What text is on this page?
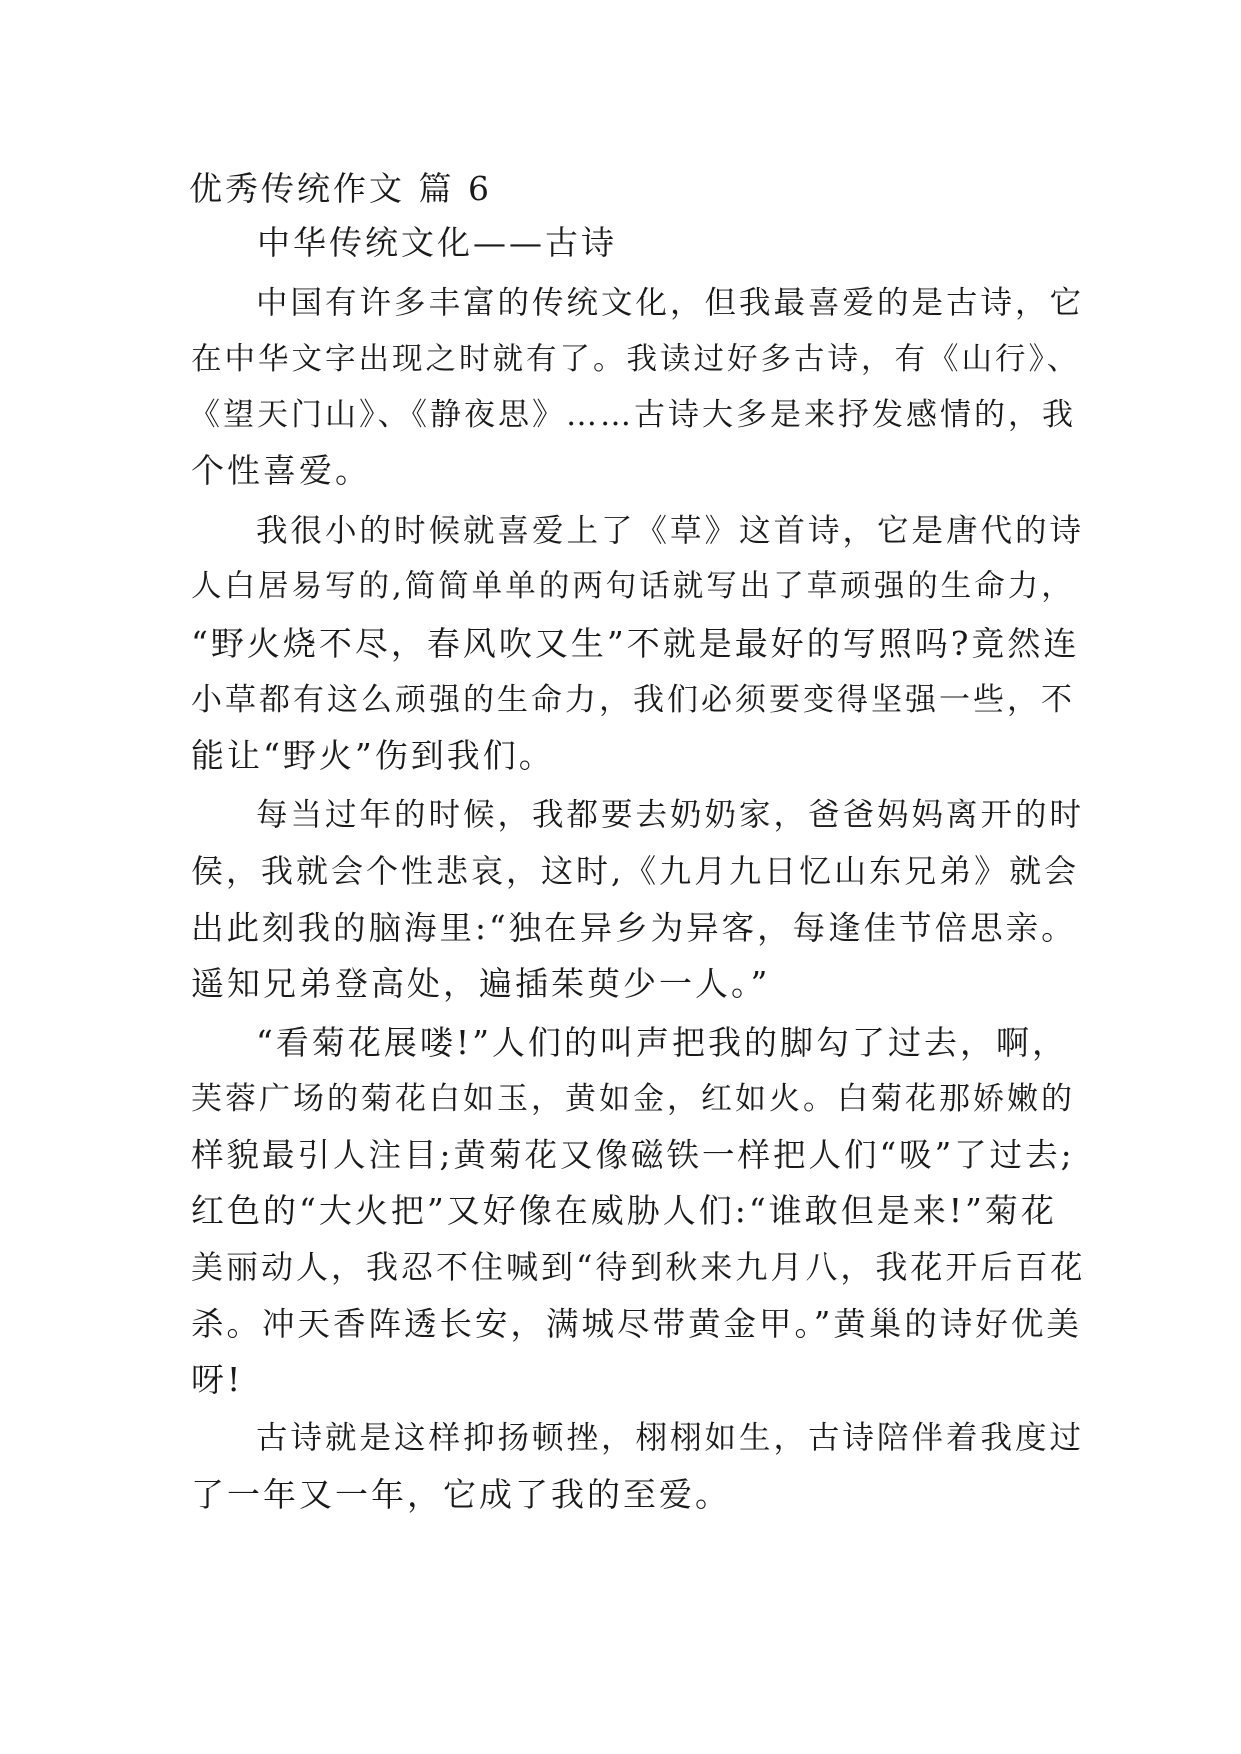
优秀传统作文 篇 6
中华传统文化——古诗
中国有许多丰富的传统文化，但我最喜爱的是古诗，它
在中华文字出现之时就有了。我读过好多古诗，有《山行》、
《望天门山》、《静夜思》……古诗大多是来抒发感情的，我
个性喜爱。
我很小的时候就喜爱上了《草》这首诗，它是唐代的诗
人白居易写的,简简单单的两句话就写出了草顽强的生命力，
“野火烧不尽，春风吹又生”不就是最好的写照吗?竟然连
小草都有这么顽强的生命力，我们必须要变得坚强一些，不
能让“野火”伤到我们。
每当过年的时候，我都要去奶奶家，爸爸妈妈离开的时
侯，我就会个性悲哀，这时,《九月九日忆山东兄弟》就会
出此刻我的脑海里:“独在异乡为异客，每逢佳节倍思亲。
遥知兄弟登高处，遍插茱萸少一人。”
“看菊花展喽!”人们的叫声把我的脚勾了过去，啊，
芙蓉广场的菊花白如玉，黄如金，红如火。白菊花那娇嫩的
样貌最引人注目;黄菊花又像磁铁一样把人们“吸”了过去;
红色的“大火把”又好像在威胁人们:“谁敢但是来!”菊花
美丽动人，我忍不住喊到“待到秋来九月八，我花开后百花
杀。冲天香阵透长安，满城尽带黄金甲。”黄巢的诗好优美
呀!
古诗就是这样抑扬顿挫，栩栩如生，古诗陪伴着我度过
了一年又一年，它成了我的至爱。
